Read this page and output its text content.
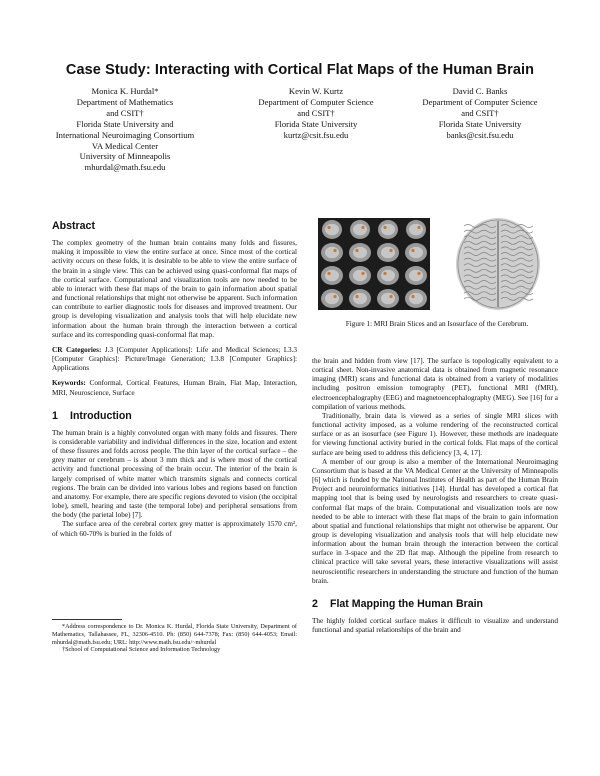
Case Study: Interacting with Cortical Flat Maps of the Human Brain
Monica K. Hurdal*
Department of Mathematics
and CSIT†
Florida State University and
International Neuroimaging Consortium
VA Medical Center
University of Minneapolis
mhurdal@math.fsu.edu
Kevin W. Kurtz
Department of Computer Science
and CSIT†
Florida State University
kurtz@csit.fsu.edu
David C. Banks
Department of Computer Science
and CSIT†
Florida State University
banks@csit.fsu.edu
Abstract

The complex geometry of the human brain contains many folds and fissures, making it impossible to view the entire surface at once. Since most of the cortical activity occurs on these folds, it is desirable to be able to view the entire surface of the brain in a single view. This can be achieved using quasi-conformal flat maps of the cortical surface. Computational and visualization tools are now needed to be able to interact with these flat maps of the brain to gain information about spatial and functional relationships that might not otherwise be apparent. Such information can contribute to earlier diagnostic tools for diseases and improved treatment. Our group is developing visualization and analysis tools that will help elucidate new information about the human brain through the interaction between a cortical surface and its corresponding quasi-conformal flat map.

CR Categories: J.3 [Computer Applications]: Life and Medical Sciences; I.3.3 [Computer Graphics]: Picture/Image Generation; I.3.8 [Computer Graphics]: Applications

Keywords: Conformal, Cortical Features, Human Brain, Flat Map, Interaction, MRI, Neuroscience, Surface

1 Introduction

The human brain is a highly convoluted organ with many folds and fissures. There is considerable variability and individual differences in the size, location and extent of these fissures and folds across people. The thin layer of the cortical surface – the grey matter or cerebrum – is about 3 mm thick and is where most of the cortical activity and functional processing of the brain occur. The interior of the brain is largely comprised of white matter which transmits signals and connects cortical regions. The brain can be divided into various lobes and regions based on function and anatomy. For example, there are specific regions devoted to vision (the occipital lobe), smell, hearing and taste (the temporal lobe) and peripheral sensations from the body (the parietal lobe) [7].

The surface area of the cerebral cortex grey matter is approximately 1570 cm², of which 60-70% is buried in the folds of

*Address correspondence to Dr. Monica K. Hurdal, Florida State University, Department of Mathematics, Tallahassee, FL, 32306-4510. Ph: (850) 644-7378; Fax: (850) 644-4053; Email: mhurdal@math.fsu.edu; URL: http://www.math.fsu.edu/~mhurdal

†School of Computational Science and Information Technology

Figure 1: MRI Brain Slices and an Isosurface of the Cerebrum.

the brain and hidden from view [17]. The surface is topologically equivalent to a cortical sheet. Non-invasive anatomical data is obtained from magnetic resonance imaging (MRI) scans and functional data is obtained from a variety of modalities including positron emission tomography (PET), functional MRI (fMRI), electroencephalography (EEG) and magnetoencephalography (MEG). See [16] for a compilation of various methods.

Traditionally, brain data is viewed as a series of single MRI slices with functional activity imposed, as a volume rendering of the reconstructed cortical surface or as an isosurface (see Figure 1). However, these methods are inadequate for viewing functional activity buried in the cortical folds. Flat maps of the cortical surface are being used to address this deficiency [3, 4, 17].

A member of our group is also a member of the International Neuroimaging Consortium that is based at the VA Medical Center at the University of Minneapolis [6] which is funded by the National Institutes of Health as part of the Human Brain Project and neuroinformatics initiatives [14]. Hurdal has developed a cortical flat mapping tool that is being used by neurologists and researchers to create quasi-conformal flat maps of the brain. Computational and visualization tools are now needed to be able to interact with these flat maps of the brain to gain information about spatial and functional relationships that might not otherwise be apparent. Our group is developing visualization and analysis tools that will help elucidate new information about the human brain through the interaction between the cortical surface in 3-space and the 2D flat map. Although the pipeline from research to clinical practice will take several years, these interactive visualizations will assist neuroscientific researchers in understanding the structure and function of the human brain.

2 Flat Mapping the Human Brain

The highly folded cortical surface makes it difficult to visualize and understand functional and spatial relationships of the brain and
